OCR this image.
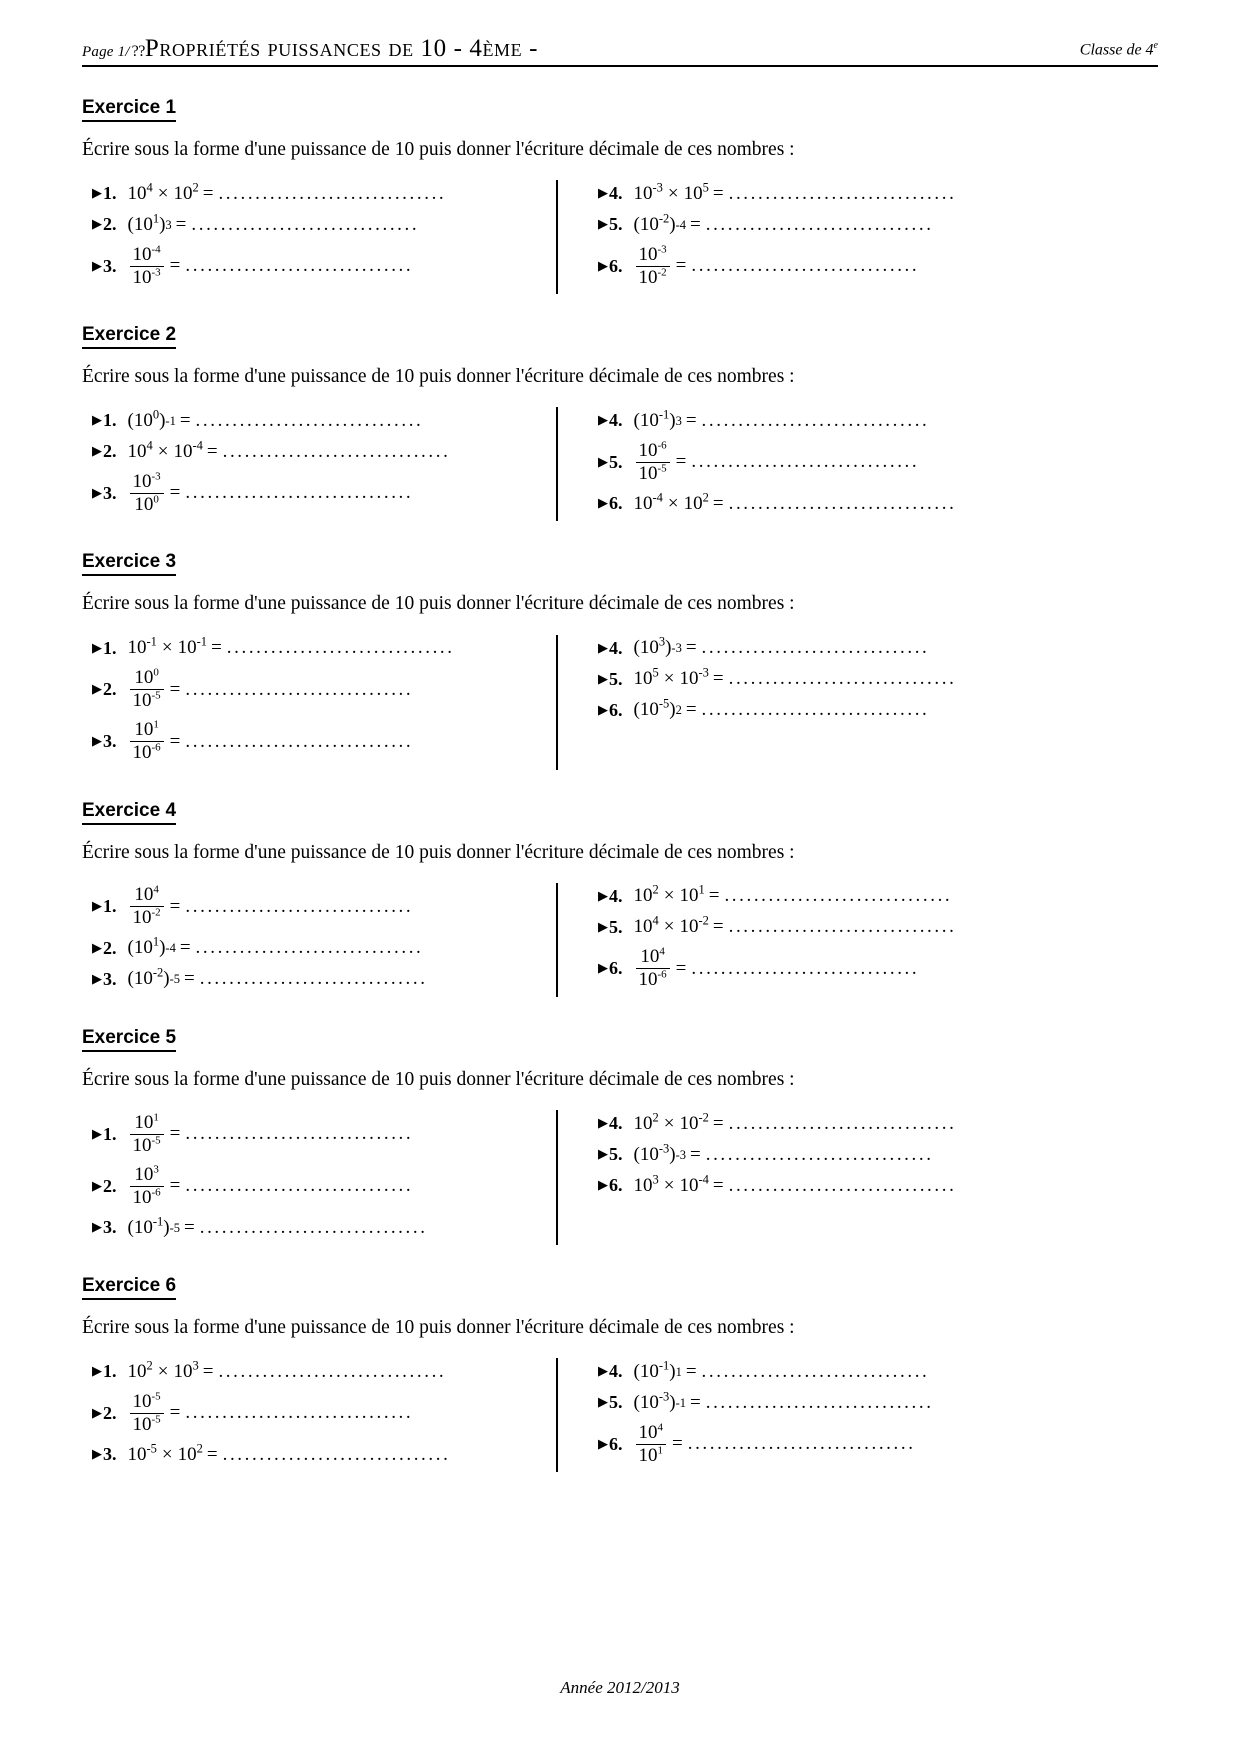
Page 1/ ?? Propriétés puissances de 10 - 4ème -	Classe de 4e
Exercice 1
Écrire sous la forme d'une puissance de 10 puis donner l'écriture décimale de ces nombres :
▶ 1. $10^4 \times 10^2$ = ...............................
▶ 2. ( $10^1$ ) 3 = ...............................
▶ 3. $\frac{10^{-4}}{10^{-3}}$ = ...............................
▶ 4. $10^{-3} \times 10^5$ = ...............................
▶ 5. ( $10^{-2}$ ) -4 = ...............................
▶ 6. $\frac{10^{-3}}{10^{-2}}$ = ...............................
Exercice 2
Écrire sous la forme d'une puissance de 10 puis donner l'écriture décimale de ces nombres :
▶ 1. ( $10^0$ ) -1 = ...............................
▶ 2. $10^4 \times 10^{-4}$ = ...............................
▶ 3. $\frac{10^{-3}}{10^0}$ = ...............................
▶ 4. ( $10^{-1}$ ) 3 = ...............................
▶ 5. $\frac{10^{-6}}{10^{-5}}$ = ...............................
▶ 6. $10^{-4} \times 10^2$ = ...............................
Exercice 3
Écrire sous la forme d'une puissance de 10 puis donner l'écriture décimale de ces nombres :
▶ 1. $10^{-1} \times 10^{-1}$ = ...............................
▶ 2. $\frac{10^0}{10^{-5}}$ = ...............................
▶ 3. $\frac{10^1}{10^{-6}}$ = ...............................
▶ 4. ( $10^3$ ) -3 = ...............................
▶ 5. $10^5 \times 10^{-3}$ = ...............................
▶ 6. ( $10^{-5}$ ) 2 = ...............................
Exercice 4
Écrire sous la forme d'une puissance de 10 puis donner l'écriture décimale de ces nombres :
▶ 1. $\frac{10^4}{10^{-2}}$ = ...............................
▶ 2. ( $10^1$ ) -4 = ...............................
▶ 3. ( $10^{-2}$ ) -5 = ...............................
▶ 4. $10^2 \times 10^1$ = ...............................
▶ 5. $10^4 \times 10^{-2}$ = ...............................
▶ 6. $\frac{10^4}{10^{-6}}$ = ...............................
Exercice 5
Écrire sous la forme d'une puissance de 10 puis donner l'écriture décimale de ces nombres :
▶ 1. $\frac{10^1}{10^{-5}}$ = ...............................
▶ 2. $\frac{10^3}{10^{-6}}$ = ...............................
▶ 3. ( $10^{-1}$ ) -5 = ...............................
▶ 4. $10^2 \times 10^{-2}$ = ...............................
▶ 5. ( $10^{-3}$ ) -3 = ...............................
▶ 6. $10^3 \times 10^{-4}$ = ...............................
Exercice 6
Écrire sous la forme d'une puissance de 10 puis donner l'écriture décimale de ces nombres :
▶ 1. $10^2 \times 10^3$ = ...............................
▶ 2. $\frac{10^{-5}}{10^{-5}}$ = ...............................
▶ 3. $10^{-5} \times 10^2$ = ...............................
▶ 4. ( $10^{-1}$ ) 1 = ...............................
▶ 5. ( $10^{-3}$ ) -1 = ...............................
▶ 6. $\frac{10^4}{10^1}$ = ...............................
Année 2012/2013
